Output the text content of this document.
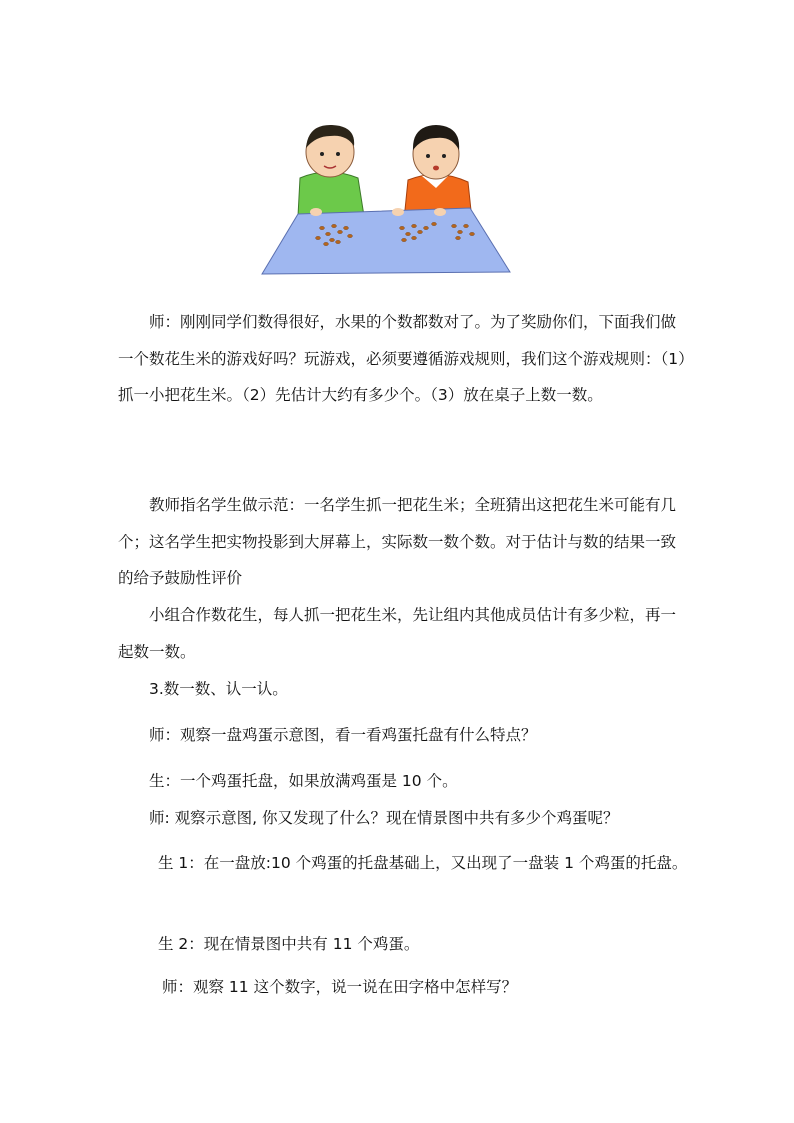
师：刚刚同学们数得很好，水果的个数都数对了。为了奖励你们，下面我们做一个数花生米的游戏好吗？玩游戏，必须要遵循游戏规则，我们这个游戏规则：（1）抓一小把花生米。（2）先估计大约有多少个。（3）放在桌子上数一数。

教师指名学生做示范：一名学生抓一把花生米；全班猜出这把花生米可能有几个；这名学生把实物投影到大屏幕上，实际数一数个数。对于估计与数的结果一致的给予鼓励性评价

小组合作数花生，每人抓一把花生米，先让组内其他成员估计有多少粒，再一起数一数。

3.数一数、认一认。

师：观察一盘鸡蛋示意图，看一看鸡蛋托盘有什么特点？

生：一个鸡蛋托盘，如果放满鸡蛋是 10 个。

师: 观察示意图, 你又发现了什么？现在情景图中共有多少个鸡蛋呢？

生 1：在一盘放:10 个鸡蛋的托盘基础上，又出现了一盘装 1 个鸡蛋的托盘。

生 2：现在情景图中共有 11 个鸡蛋。

师：观察 11 这个数字，说一说在田字格中怎样写？
